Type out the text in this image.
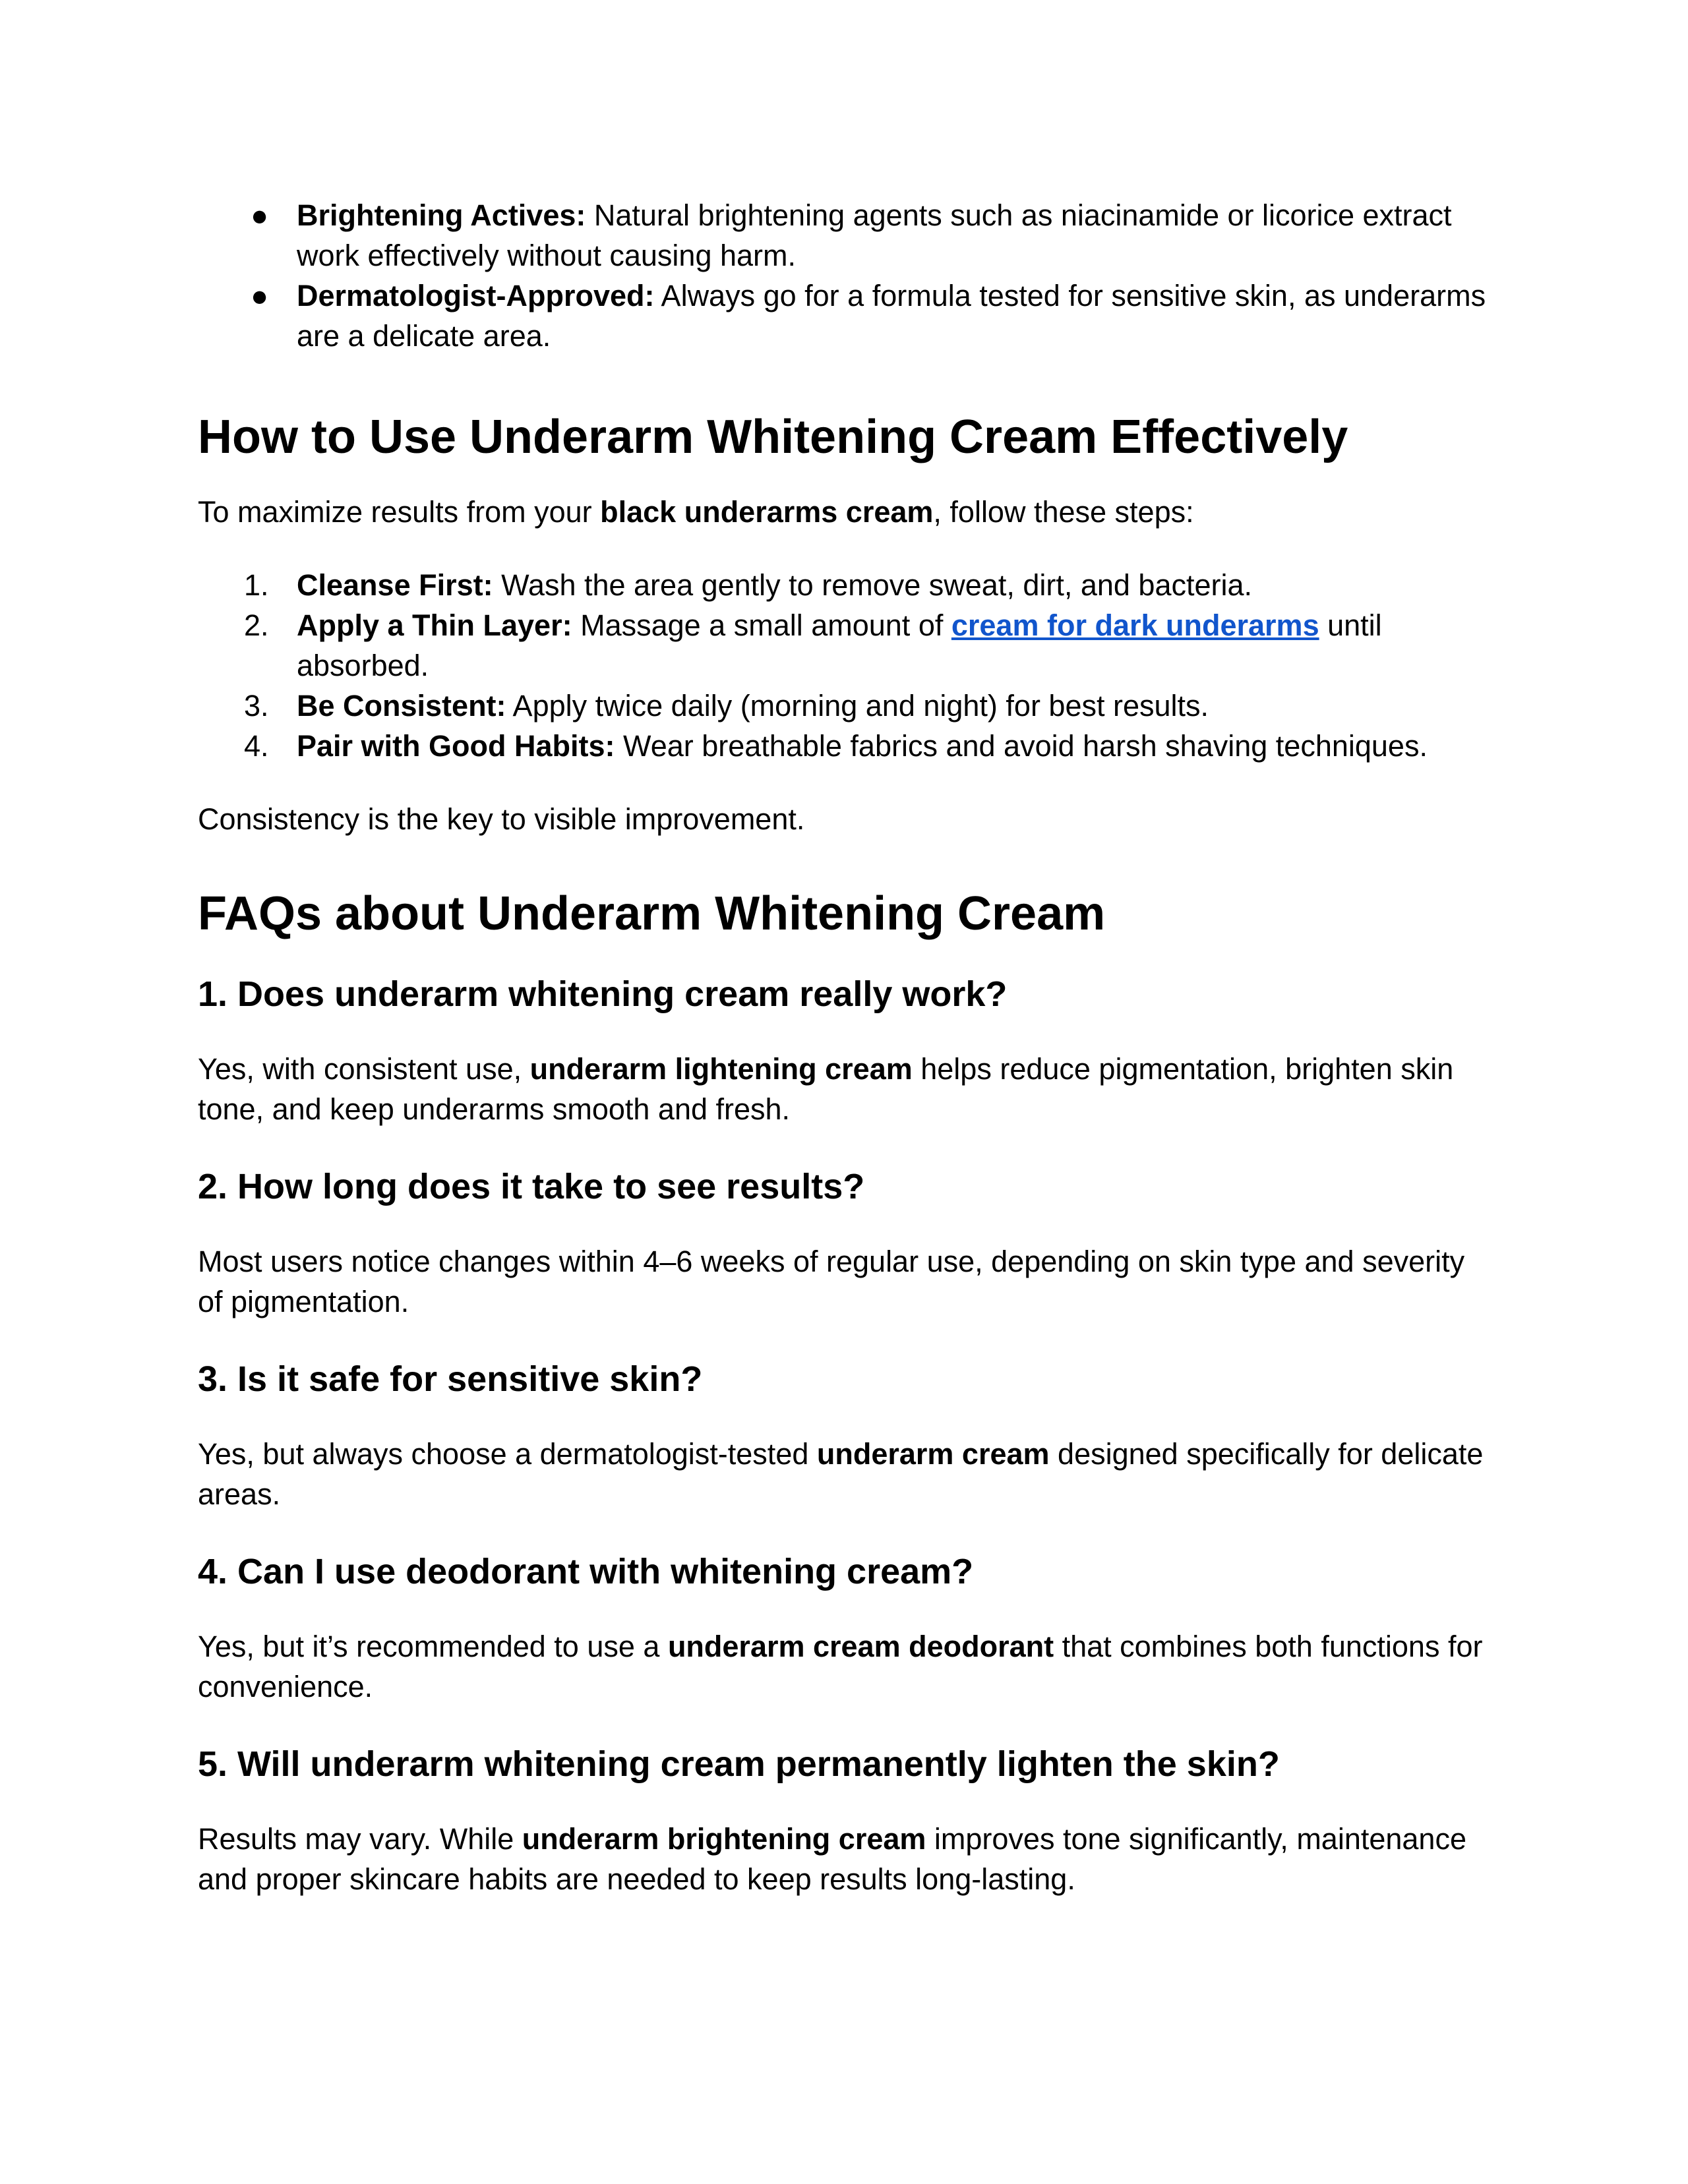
● Brightening Actives: Natural brightening agents such as niacinamide or licorice extract work effectively without causing harm.
● Dermatologist-Approved: Always go for a formula tested for sensitive skin, as underarms are a delicate area.
How to Use Underarm Whitening Cream Effectively

To maximize results from your black underarms cream, follow these steps:

1. Cleanse First: Wash the area gently to remove sweat, dirt, and bacteria.
2. Apply a Thin Layer: Massage a small amount of cream for dark underarms until absorbed.
3. Be Consistent: Apply twice daily (morning and night) for best results.
4. Pair with Good Habits: Wear breathable fabrics and avoid harsh shaving techniques.

Consistency is the key to visible improvement.

FAQs about Underarm Whitening Cream
1. Does underarm whitening cream really work?

Yes, with consistent use, underarm lightening cream helps reduce pigmentation, brighten skin tone, and keep underarms smooth and fresh.

2. How long does it take to see results?

Most users notice changes within 4–6 weeks of regular use, depending on skin type and severity of pigmentation.

3. Is it safe for sensitive skin?

Yes, but always choose a dermatologist-tested underarm cream designed specifically for delicate areas.

4. Can I use deodorant with whitening cream?

Yes, but it’s recommended to use a underarm cream deodorant that combines both functions for convenience.

5. Will underarm whitening cream permanently lighten the skin?

Results may vary. While underarm brightening cream improves tone significantly, maintenance and proper skincare habits are needed to keep results long-lasting.
